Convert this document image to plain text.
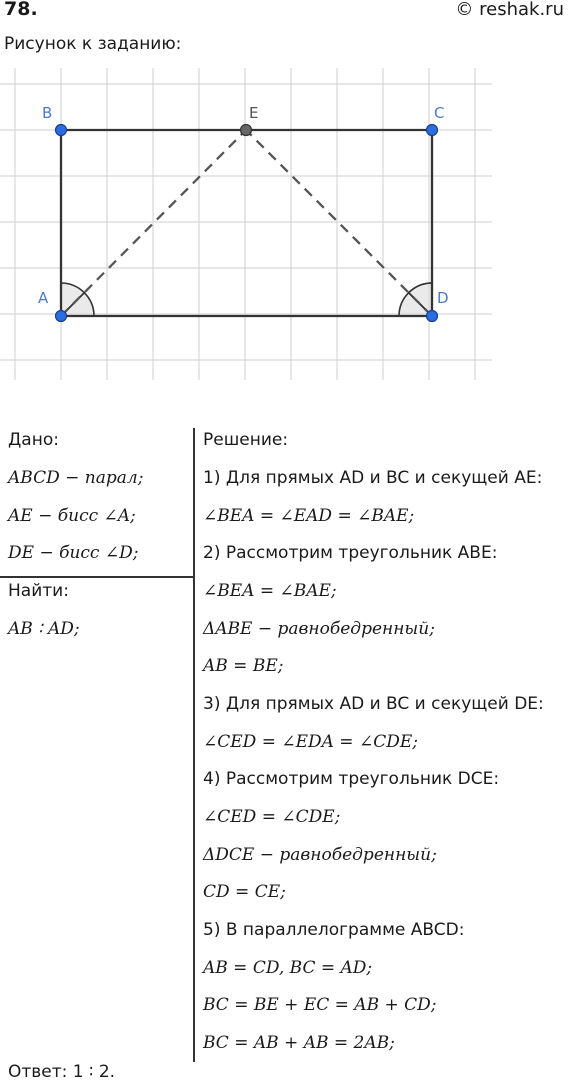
78.	© reshak.ru
Рисунок к заданию:
A
B	C
D
E
Дано:
ABCD − парал;
AE − бисс ∠A;
DE − бисс ∠D;
Найти:
AB ∶ AD;
Решение:
1) Для прямых AD и BC и секущей AE:
∠BEA = ∠EAD = ∠BAE;
2) Рассмотрим треугольник ABE:
∠BEA = ∠BAE;
ΔABE − равнобедренный;
AB = BE;
3) Для прямых AD и BC и секущей DE:
∠CED = ∠EDA = ∠CDE;
4) Рассмотрим треугольник DCE:
∠CED = ∠CDE;
ΔDCE − равнобедренный;
CD = CE;
5) В параллелограмме ABCD:
AB = CD, BC = AD;
BC = BE + EC = AB + CD;
BC = AB + AB = 2AB;
Ответ: 1 ∶ 2.
